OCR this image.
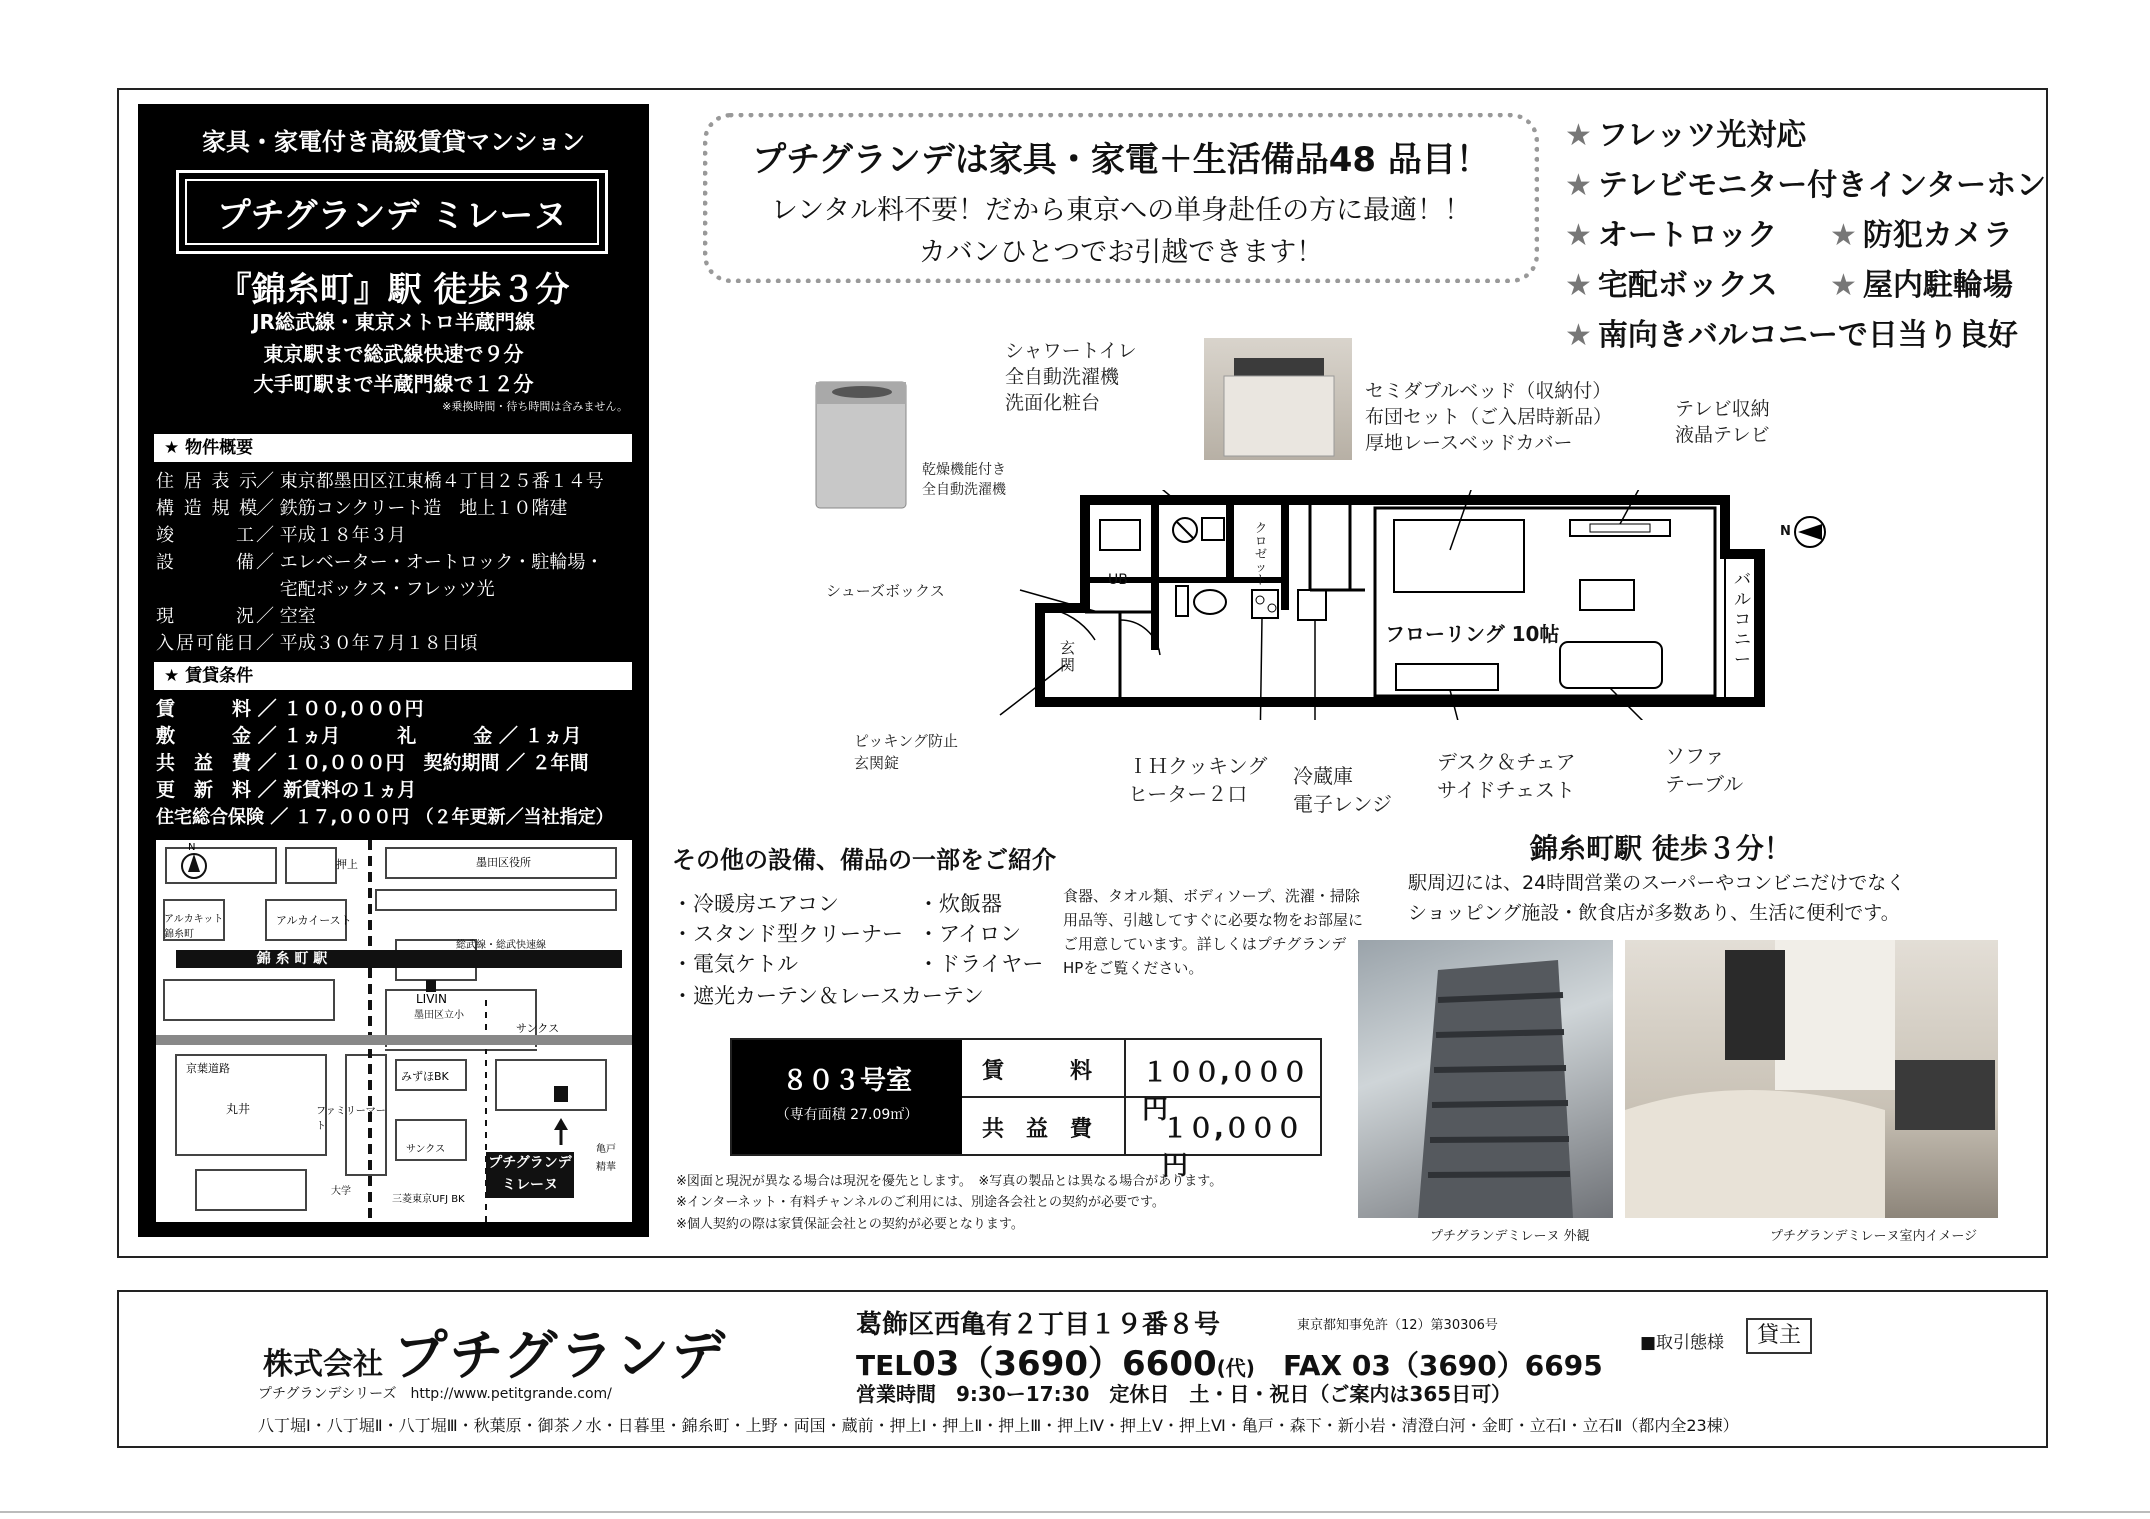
家具・家電付き高級賃貸マンション
プチグランデ ミレーヌ
『錦糸町』駅 徒歩３分
JR総武線・東京メトロ半蔵門線
東京駅まで総武線快速で９分
大手町駅まで半蔵門線で１２分
※乗換時間・待ち時間は含みません。
★ 物件概要
住 居 表 示／ 東京都墨田区江東橋４丁目２５番１４号
構 造 規 模／ 鉄筋コンクリート造　地上１０階建
竣　　　工／ 平成１８年３月
設　　　備／ エレベーター・オートロック・駐輪場・
　 宅配ボックス・フレッツ光
現　　　況／ 空室
入居可能日／ 平成３０年７月１８日頃
★ 賃貸条件
賃　　　料 ／ １００,０００円
敷　　　金 ／ １ヵ月　　　礼　　　金 ／ １ヵ月
共　益　費 ／ １０,０００円　契約期間 ／ ２年間
更　新　料 ／ 新賃料の１ヵ月
住宅総合保険 ／ １７,０００円 （２年更新／当社指定）
錦 糸 町 駅
N
押上	墨田区役所
アルカキット錦糸町
アルカイースト
総武線・総武快速線
LIVIN
墨田区立小
サンクス
京葉道路
丸井	ファミリーマート
みずほBK
大学
三菱東京UFJ BK
サンクス	亀戸
精華
プチグランデ
ミレーヌ
プチグランデは家具・家電＋生活備品48 品目！
レンタル料不要！だから東京への単身赴任の方に最適！！
カバンひとつでお引越できます！
★ フレッツ光対応
★ テレビモニター付きインターホン
★ オートロック ★ 防犯カメラ
★ 宅配ボックス ★ 屋内駐輪場
★ 南向きバルコニーで日当り良好
乾燥機能付き
全自動洗濯機
シャワートイレ
全自動洗濯機
洗面化粧台
セミダブルベッド（収納付）
布団セット（ご入居時新品）
厚地レースベッドカバー
テレビ収納
液晶テレビ
シューズボックス
ピッキング防止
玄関錠	ＩＨクッキング
ヒーター２口
冷蔵庫
電子レンジ
デスク＆チェア
サイドチェスト
ソファ
テーブル
UB
玄関
クロゼット
フローリング 10帖
バルコニー
N
その他の設備、備品の一部をご紹介
・冷暖房エアコン
・スタンド型クリーナー
・電気ケトル
・遮光カーテン＆レースカーテン
・炊飯器
・アイロン
・ドライヤー
食器、タオル類、ボディソープ、洗濯・掃除用品等、引越してすぐに必要な物をお部屋にご用意しています。詳しくはプチグランデHPをご覧ください。
８０３号室
（専有面積 27.09㎡）
賃　　　料 １００,０００円
共　益　費	１０,０００円
※図面と現況が異なる場合は現況を優先とします。　※写真の製品とは異なる場合があります。
※インターネット・有料チャンネルのご利用には、別途各会社との契約が必要です。
※個人契約の際は家賃保証会社との契約が必要となります。
錦糸町駅 徒歩３分！
駅周辺には、24時間営業のスーパーやコンビニだけでなく
ショッピング施設・飲食店が多数あり、生活に便利です。
プチグランデミレーヌ 外観	プチグランデミレーヌ室内イメージ
株式会社 プチグランデ
プチグランデシリーズ　http://www.petitgrande.com/
八丁堀Ⅰ・八丁堀Ⅱ・八丁堀Ⅲ・秋葉原・御茶ノ水・日暮里・錦糸町・上野・両国・蔵前・押上Ⅰ・押上Ⅱ・押上Ⅲ・押上Ⅳ・押上Ⅴ・押上Ⅵ・亀戸・森下・新小岩・清澄白河・金町・立石Ⅰ・立石Ⅱ（都内全23棟）
葛飾区西亀有２丁目１９番８号	東京都知事免許（12）第30306号
TEL03（3690）6600(代)　 FAX 03（3690）6695
営業時間　9:30ー17:30　定休日　土・日・祝日（ご案内は365日可）
■取引態様	貸主
